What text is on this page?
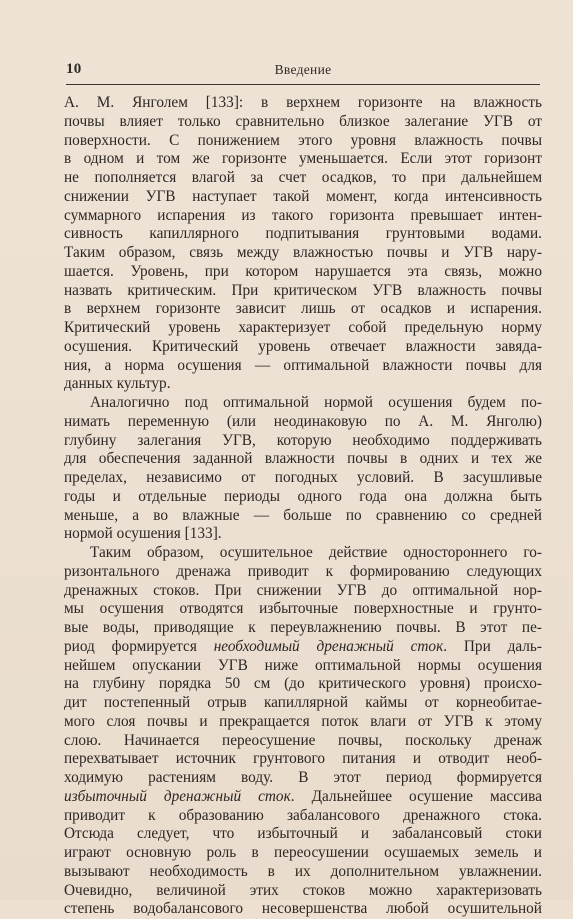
10	Введение
А. М. Янголем [133]: в верхнем горизонте на влажность
почвы влияет только сравнительно близкое залегание УГВ от
поверхности. С понижением этого уровня влажность почвы
в одном и том же горизонте уменьшается. Если этот горизонт
не пополняется влагой за счет осадков, то при дальнейшем
снижении УГВ наступает такой момент, когда интенсивность
суммарного испарения из такого горизонта превышает интен-
сивность капиллярного подпитывания грунтовыми водами.
Таким образом, связь между влажностью почвы и УГВ нару-
шается. Уровень, при котором нарушается эта связь, можно
назвать критическим. При критическом УГВ влажность почвы
в верхнем горизонте зависит лишь от осадков и испарения.
Критический уровень характеризует собой предельную норму
осушения. Критический уровень отвечает влажности завяда-
ния, а норма осушения — оптимальной влажности почвы для
данных культур.
Аналогично под оптимальной нормой осушения будем по-
нимать переменную (или неодинаковую по А. М. Янголю)
глубину залегания УГВ, которую необходимо поддерживать
для обеспечения заданной влажности почвы в одних и тех же
пределах, независимо от погодных условий. В засушливые
годы и отдельные периоды одного года она должна быть
меньше, а во влажные — больше по сравнению со средней
нормой осушения [133].
Таким образом, осушительное действие одностороннего го-
ризонтального дренажа приводит к формированию следующих
дренажных стоков. При снижении УГВ до оптимальной нор-
мы осушения отводятся избыточные поверхностные и грунто-
вые воды, приводящие к переувлажнению почвы. В этот пе-
риод формируется необходимый дренажный сток. При даль-
нейшем опускании УГВ ниже оптимальной нормы осушения
на глубину порядка 50 см (до критического уровня) происхо-
дит постепенный отрыв капиллярной каймы от корнеобитае-
мого слоя почвы и прекращается поток влаги от УГВ к этому
слою. Начинается переосушение почвы, поскольку дренаж
перехватывает источник грунтового питания и отводит необ-
ходимую растениям воду. В этот период формируется
избыточный дренажный сток. Дальнейшее осушение массива
приводит к образованию забалансового дренажного стока.
Отсюда следует, что избыточный и забалансовый стоки
играют основную роль в переосушении осушаемых земель и
вызывают необходимость в их дополнительном увлажнении.
Очевидно, величиной этих стоков можно характеризовать
степень водобалансового несовершенства любой осушительной
